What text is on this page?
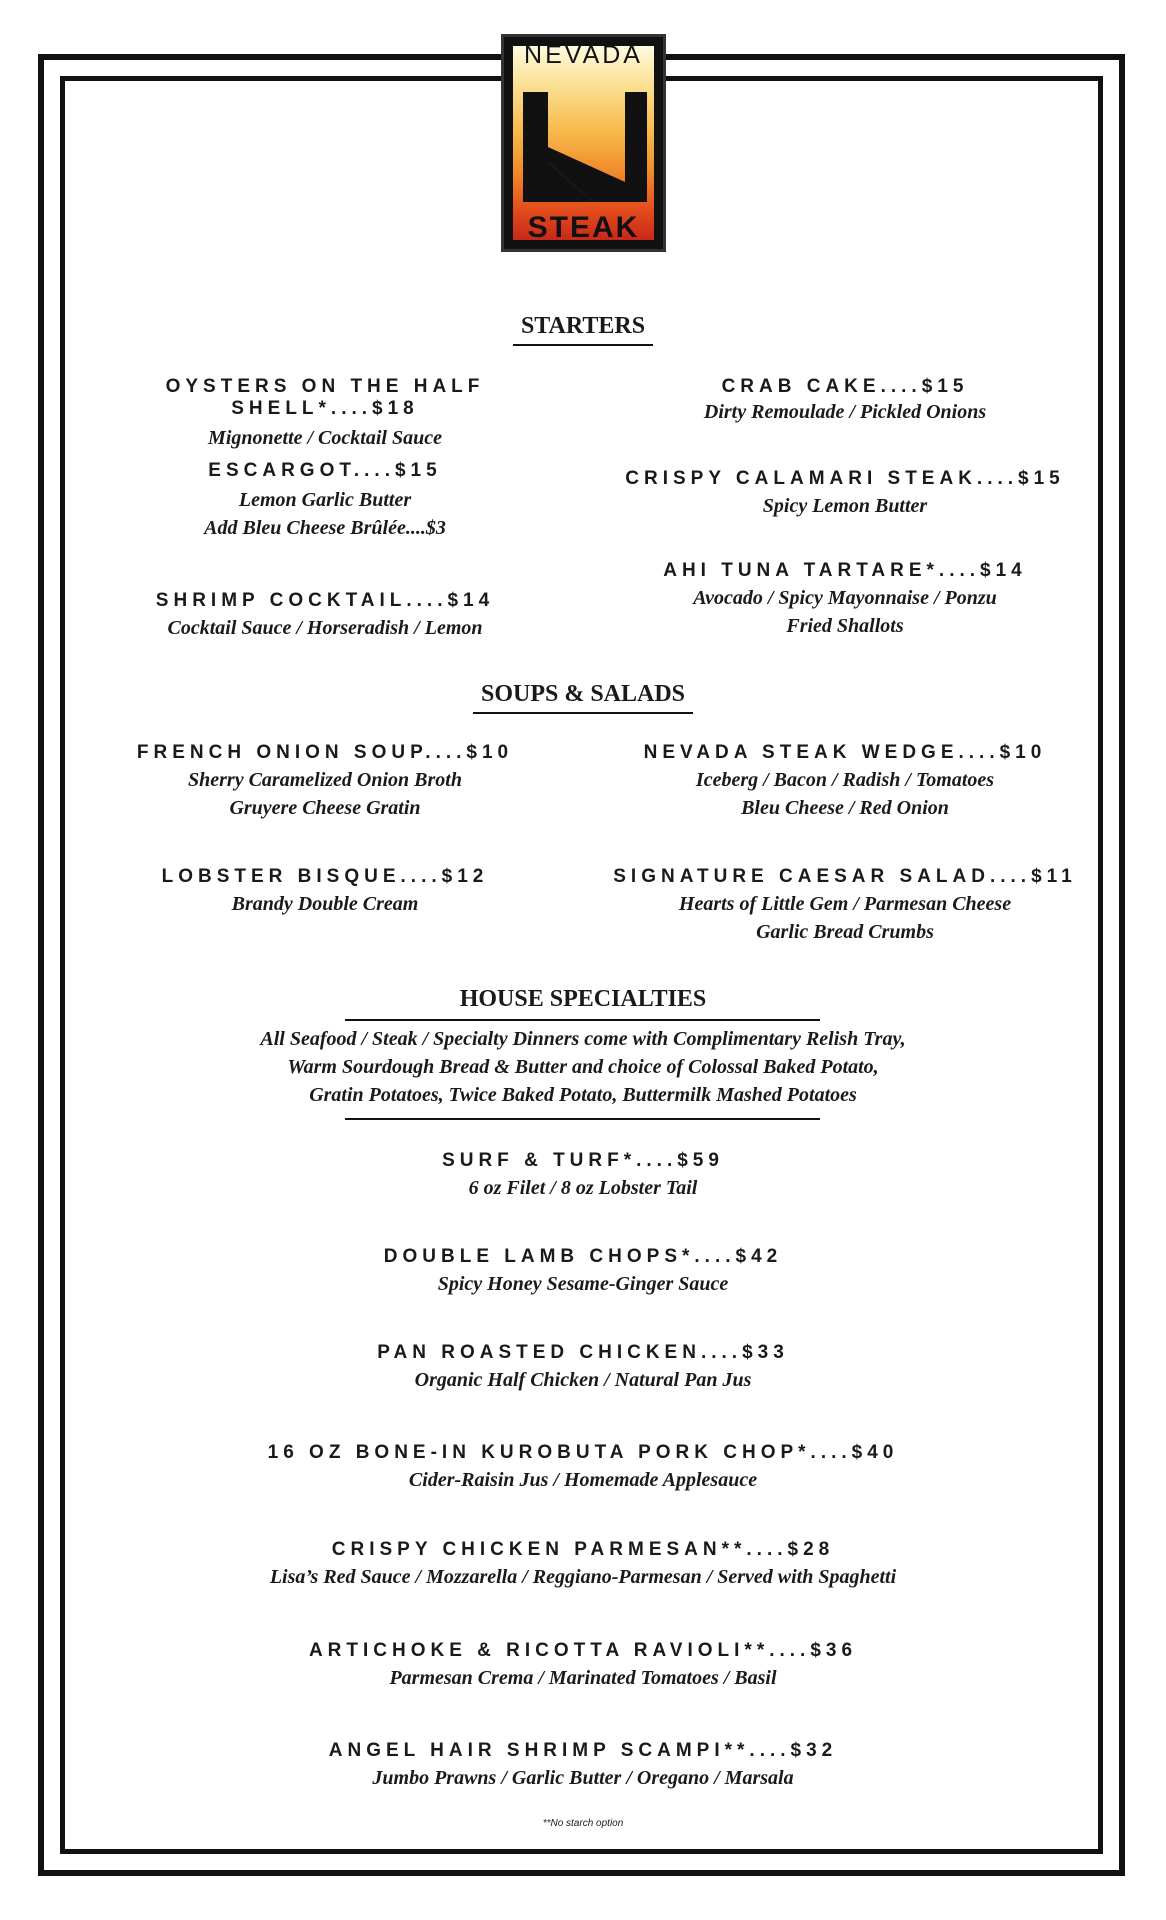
NEVADA
STEAK
STARTERS
OYSTERS ON THE HALF SHELL*....$18
Mignonette / Cocktail Sauce
ESCARGOT....$15
Lemon Garlic Butter
Add Bleu Cheese Brûlée....$3
SHRIMP COCKTAIL....$14
Cocktail Sauce / Horseradish / Lemon
CRAB CAKE....$15
Dirty Remoulade / Pickled Onions
CRISPY CALAMARI STEAK....$15
Spicy Lemon Butter
AHI TUNA TARTARE*....$14
Avocado / Spicy Mayonnaise / Ponzu
Fried Shallots
SOUPS & SALADS
FRENCH ONION SOUP....$10
Sherry Caramelized Onion Broth
Gruyere Cheese Gratin
LOBSTER BISQUE....$12
Brandy Double Cream
NEVADA STEAK WEDGE....$10
Iceberg / Bacon / Radish / Tomatoes
Bleu Cheese / Red Onion
SIGNATURE CAESAR SALAD....$11
Hearts of Little Gem / Parmesan Cheese
Garlic Bread Crumbs
HOUSE SPECIALTIES
All Seafood / Steak / Specialty Dinners come with Complimentary Relish Tray,
Warm Sourdough Bread & Butter and choice of Colossal Baked Potato,
Gratin Potatoes, Twice Baked Potato, Buttermilk Mashed Potatoes
SURF & TURF*....$59
6 oz Filet / 8 oz Lobster Tail
DOUBLE LAMB CHOPS*....$42
Spicy Honey Sesame-Ginger Sauce
PAN ROASTED CHICKEN....$33
Organic Half Chicken / Natural Pan Jus
16 OZ BONE-IN KUROBUTA PORK CHOP*....$40
Cider-Raisin Jus / Homemade Applesauce
CRISPY CHICKEN PARMESAN**....$28
Lisa’s Red Sauce / Mozzarella / Reggiano-Parmesan / Served with Spaghetti
ARTICHOKE & RICOTTA RAVIOLI**....$36
Parmesan Crema / Marinated Tomatoes / Basil
ANGEL HAIR SHRIMP SCAMPI**....$32
Jumbo Prawns / Garlic Butter / Oregano / Marsala
**No starch option
